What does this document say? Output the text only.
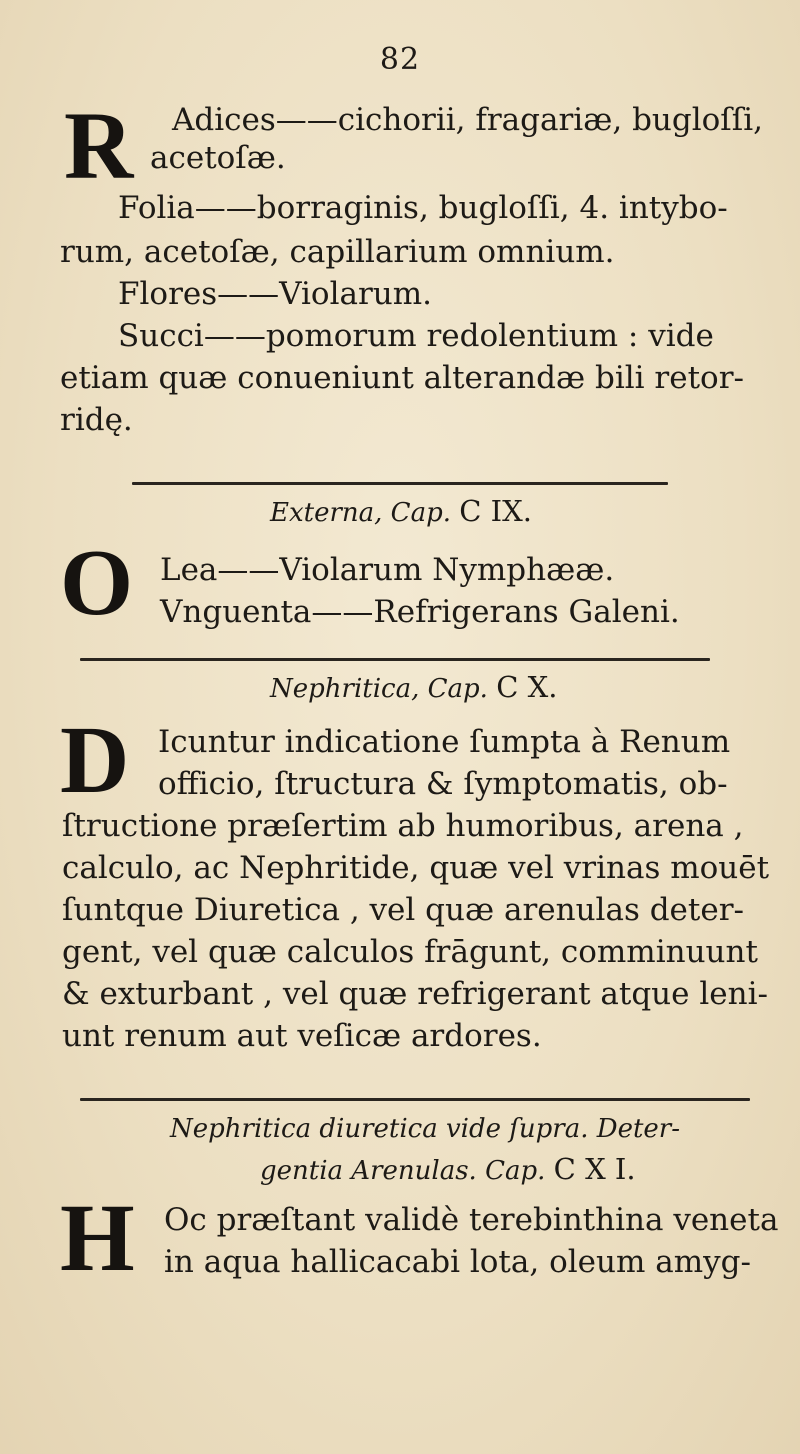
82
R Adices——cichorii, fragariæ, bugloſſi,
acetoſæ.
Folia——borraginis, bugloſſi, 4. intybo-
rum, acetoſæ, capillarium omnium.
Flores——Violarum.
Succi——pomorum redolentium : vide
etiam quæ conueniunt alterandæ bili retor-
ridę.
Externa, Cap. C IX.
O Lea——Violarum Nymphææ.
Vnguenta——Refrigerans Galeni.
Nephritica, Cap. C X.
D Icuntur indicatione ſumpta à Renum
officio, ſtructura & ſymptomatis, ob-
ſtructione præſertim ab humoribus, arena ,
calculo, ac Nephritide, quæ vel vrinas mouēt
ſuntque Diuretica , vel quæ arenulas deter-
gent, vel quæ calculos frāgunt, comminuunt
& exturbant , vel quæ refrigerant atque leni-
unt renum aut veſicæ ardores.
Nephritica diuretica vide ſupra. Deter-
gentia Arenulas. Cap. C X I.
H Oc præſtant validè terebinthina veneta
in aqua hallicacabi lota, oleum amyg-
